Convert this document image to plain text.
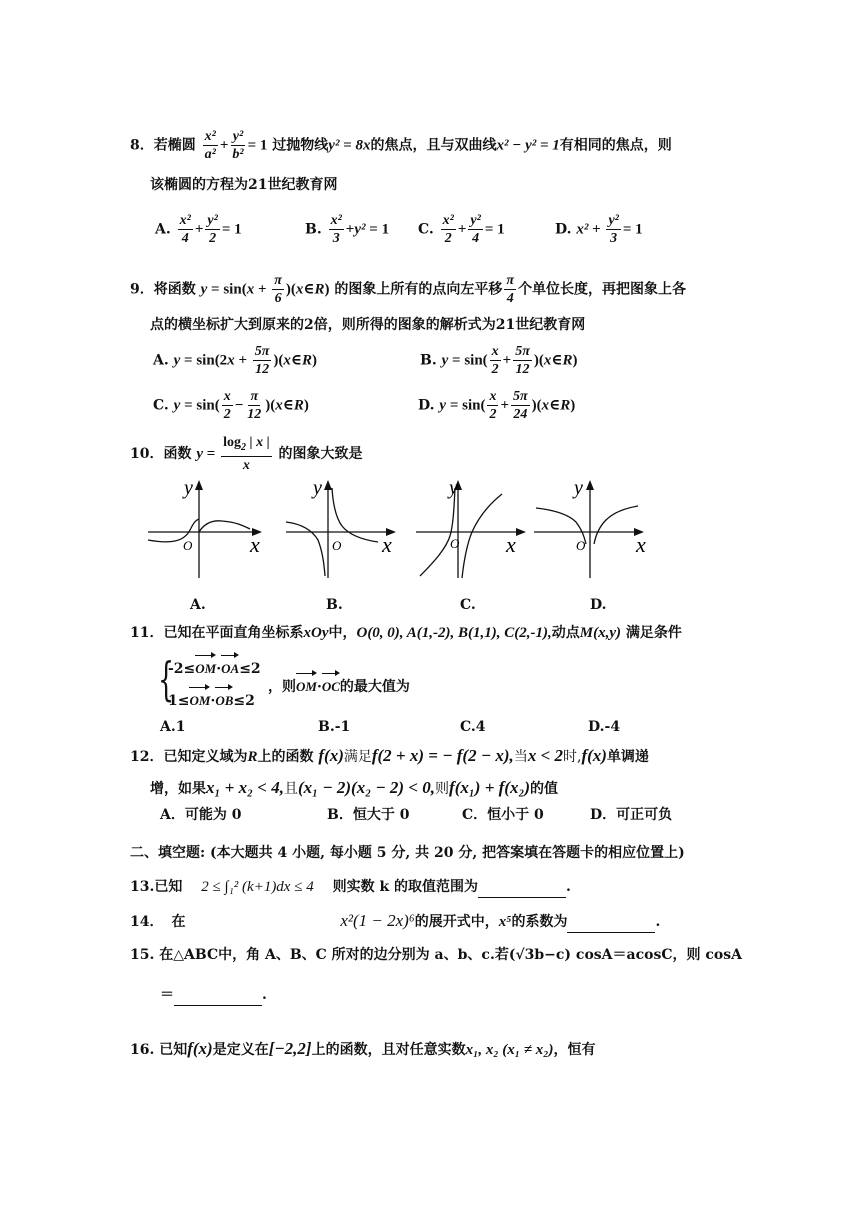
8．若椭圆 $\frac{\text{x²}}{\text{a²}} + \frac{\text{y²}}{\text{b²}} = 1$ 过抛物线y² = 8x的焦点，且与双曲线x² − y² = 1有相同的焦点，则
该椭圆的方程为21世纪教育网
A. $\frac{\text{x²}}{4} + \frac{\text{y²}}{2} = 1$	B. $\frac{\text{x²}}{3} +y^2 = 1$ C. $\frac{\text{x²}}{2} + \frac{\text{y²}}{4} = 1$	D. $x^2 + \frac{\text{y²}}{3} = 1$
9．将函数 $y = \sin(x + \frac{\pi}{6}$ )(x∈R) 的图象上所有的点向左平移 $\frac{\pi}{4}$ 个单位长度，再把图象上各
点的横坐标扩大到原来的2倍，则所得的图象的解析式为21世纪教育网
A. $y = \sin(2x + \frac{5\pi}{12}$ )(x∈R)	B. $y = \sin( \frac{x}{2} + \frac{5\pi}{12}$ )(x∈R)
C. $y = \sin( \frac{x}{2} - \frac{\pi}{12}$ )(x∈R)	D. $y = \sin( \frac{x}{2} + \frac{5\pi}{24}$ )(x∈R)
10．函数 $y = \frac{\log_2 | x |}{x}$ 的图象大致是
y
O	x
y
O x
y
O x
y
O x
A.	B.	C.	D.
11．已知在平面直角坐标系xOy中，O(0, 0), A(1,-2), B(1,1), C(2,-1),动点M(x,y) 满足条件
{
-2≤OM·OA≤2
1≤OM·OB≤2
，则OM·OC的最大值为
A.1	B.-1	C.4	D.-4
12．已知定义域为R上的函数 f(x)满足f(2 + x) = − f(2 − x),当x < 2时,f(x)单调递
增，如果x₁ + x₂ < 4,且(x₁ − 2)(x₂ − 2) < 0,则f(x₁) + f(x₂)的值
A．可能为 0	B．恒大于 0	C．恒小于 0	D．可正可负
二、填空题: (本大题共 4 小题, 每小题 5 分, 共 20 分, 把答案填在答题卡的相应位置上)
13.已知 2 ≤ ∫₁² (k+1)dx ≤ 4 则实数 k 的取值范围为	.
14． 在	x²(1 − 2x)⁶的展开式中，x⁵的系数为	.
15. 在△ABC中，角 A、B、C 所对的边分别为 a、b、c.若(√3b−c) cosA＝acosC，则 cosA
＝	.
16. 已知f(x)是定义在[−2,2]上的函数，且对任意实数x₁, x₂ (x₁ ≠ x₂)，恒有
